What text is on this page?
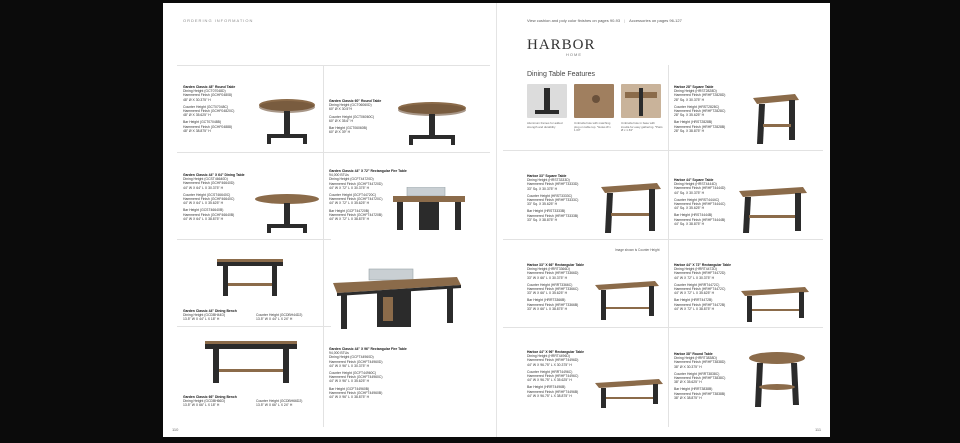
ORDERING INFORMATION	View cushion and poly color finishes on pages 90-93 | Accessories on pages 96-127
HARBOR
HOME
Garden Classic 48" Round Table
Dining Height (GCT07048D)
Hammered Finish (GCHF04808)
48" Ø X 30.375" H
Counter Height (GCT07048C)
Hammered Finish (GCHF04820C)
48" Ø X 35.625" H
Bar Height (GCT07048B)
Hammered Finish (GCHF04888)
48" Ø X 38.875" H
Garden Classic 60" Round Table
Dining Height (GCT06060D)
60" Ø X 30.5"H
Counter Height (GCT06060C)
60" Ø X 35.6" H
Bar Height (GCT06060B)
60" Ø X 39" H
Garden Classic 44" X 64" Dining Table
Dining Height (GCST46640D)
Hammered Finish (GCHF46640D)
44" W X 64" L X 30.375" H
Counter Height (GCST46640C)
Hammered Finish (GCHF46640C)
44" W X 64" L X 35.625" H
Bar Height (GCST46640B)
Hammered Finish (GCHF46640B)
44" W X 64" L X 38.875" H
Garden Classic 44" X 72" Rectangular Fire Table
94,000 BTUs
Dining Height (GCFT44720D)
Hammered Finish (GCHFT44720D)
44" W X 72" L X 30.375" H
Counter Height (GCFT44720C)
Hammered Finish (GCHFT44720C)
44" W X 72" L X 35.625" H
Bar Height (GCFT44720B)
Hammered Finish (GCHFT44720B)
44" W X 72" L X 38.875" H
Garden Classic 44" Dining Bench
Dining Height (GCDBH44D)
13.5" W X 44" L X 18" H
Counter Height (GCDBH44D2)
13.5" W X 44" L X 24" H
Garden Classic 66" Dining Bench
Dining Height (GCDBH66D)
13.5" W X 66" L X 18" H
Counter Height (GCDBH66D2)
13.5" W X 66" L X 24" H
Garden Classic 44" X 96" Rectangular Fire Table
94,000 BTUs
Dining Height (GCFT44960D)
Hammered Finish (GCHFT44960D)
44" W X 96" L X 30.375" H
Counter Height (GCFT44960C)
Hammered Finish (GCHFT44960C)
44" W X 96" L X 35.625" H
Bar Height (GCFT44960B)
Hammered Finish (GCHFT44960B)
44" W X 96" L X 38.875" H
110
Dining Table Features
Aluminum frames for added strength and durability
Umbrella hole with matching plug on table top. *Holes Ø x 1.63"
Umbrella hole in base with insulta for easy gathering. *Pairs Ø x 1.63"
Harbor 28" Square Table
Dining Height (HRST2828D)
Hammered Finish (HRHFT2828D)
28" Sq. X 30.375" H
Counter Height (HRST2828C)
Hammered Finish (HRHFT2828C)
28" Sq. X 35.625" H
Bar Height (HRST2828B)
Hammered Finish (HRHFT2828B)
28" Sq. X 38.875" H
Harbor 33" Square Table
Dining Height (HRST3333D)
Hammered Finish (HRHFT3333D)
33" Sq. X 30.375" H
Counter Height (HRST3333C)
Hammered Finish (HRHFT3333C)
33" Sq. X 35.625" H
Bar Height (HRST3333B)
Hammered Finish (HRHFT3333B)
33" Sq. X 38.875" H
Harbor 44" Square Table
Dining Height (HRST4444D)
Hammered Finish (HRHFT4444D)
44" Sq. X 30.375" H
Counter Height (HRST4444C)
Hammered Finish (HRHFT4444C)
44" Sq. X 35.625" H
Bar Height (HRST4444B)
Hammered Finish (HRHFT4444B)
44" Sq. X 38.875" H
Image shown is Counter Height
Harbor 33" X 66" Rectangular Table
Dining Height (HRRT3366D)
Hammered Finish (HRHFT3366D)
33" W X 66" L X 30.375" H
Counter Height (HRRT3366C)
Hammered Finish (HRHFT3366C)
33" W X 66" L X 35.625" H
Bar Height (HRRT3366B)
Hammered Finish (HRHFT3366B)
33" W X 66" L X 38.875" H
Harbor 44" X 72" Rectangular Table
Dining Height (HRRT4472D)
Hammered Finish (HRHFT4472D)
44" W X 72" L X 30.375" H
Counter Height (HRRT4472C)
Hammered Finish (HRHFT4472C)
44" W X 72" L X 35.625" H
Bar Height (HRRT4472B)
Hammered Finish (HRHFT4472B)
44" W X 72" L X 38.875" H
Harbor 44" X 96" Rectangular Table
Dining Height (HRRT4496D)
Hammered Finish (HRHFT4496D)
44" W X 96.75" L X 30.375" H
Counter Height (HRRT4496C)
Hammered Finish (HRHFT4496C)
44" W X 96.75" L X 35.625" H
Bar Height (HRRT4496B)
Hammered Finish (HRHFT4496B)
44" W X 96.75" L X 38.875" H
Harbor 38" Round Table
Dining Height (HRRT3838D)
Hammered Finish (HRHFT3838D)
38" Ø X 30.375" H
Counter Height (HRRT3838C)
Hammered Finish (HRHFT3838C)
38" Ø X 35.625" H
Bar Height (HRRT3838B)
Hammered Finish (HRHFT3838B)
38" Ø X 38.875" H
111
